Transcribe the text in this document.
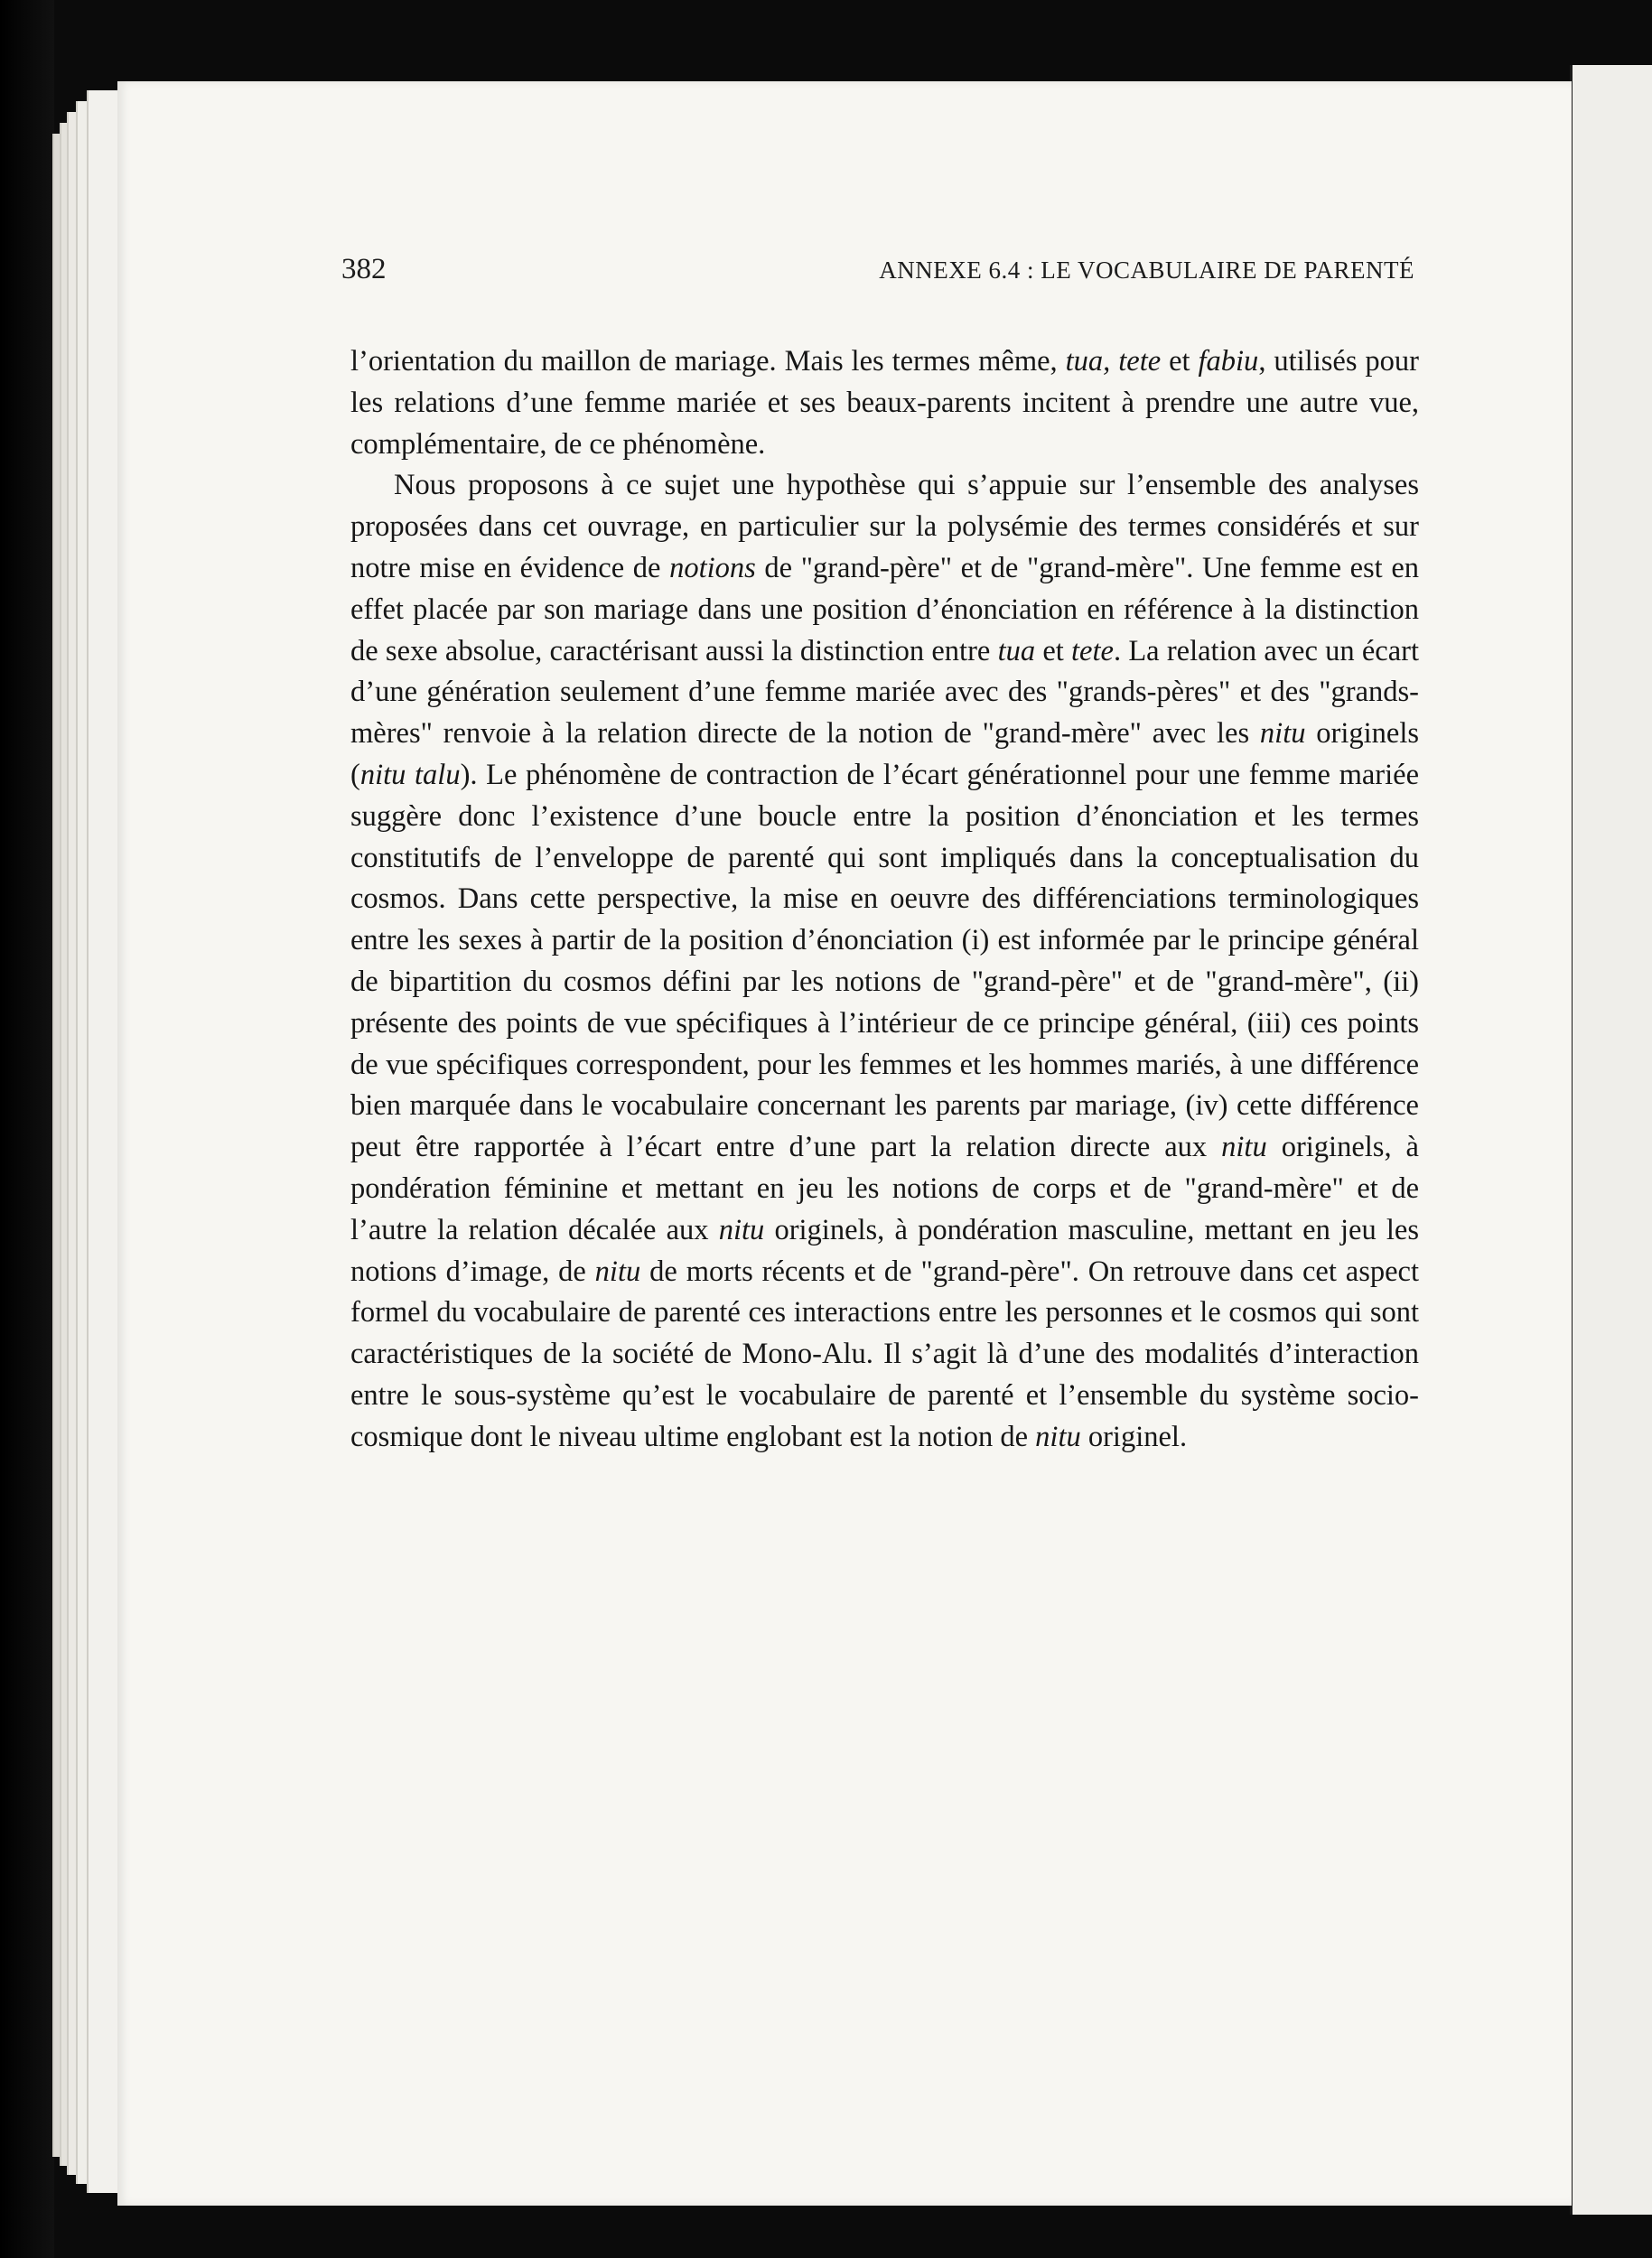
382	ANNEXE 6.4 : LE VOCABULAIRE DE PARENTÉ

l’orientation du maillon de mariage. Mais les termes même, tua, tete et fabiu, utilisés pour les relations d’une femme mariée et ses beaux-parents incitent à prendre une autre vue, complémentaire, de ce phénomène.

Nous proposons à ce sujet une hypothèse qui s’appuie sur l’ensemble des analyses proposées dans cet ouvrage, en particulier sur la polysémie des termes considérés et sur notre mise en évidence de notions de "grand-père" et de "grand-mère". Une femme est en effet placée par son mariage dans une position d’énonciation en référence à la distinction de sexe absolue, caractérisant aussi la distinction entre tua et tete. La relation avec un écart d’une génération seulement d’une femme mariée avec des "grands-pères" et des "grands-mères" renvoie à la relation directe de la notion de "grand-mère" avec les nitu originels (nitu talu). Le phénomène de contraction de l’écart générationnel pour une femme mariée suggère donc l’existence d’une boucle entre la position d’énonciation et les termes constitutifs de l’enveloppe de parenté qui sont impliqués dans la conceptualisation du cosmos. Dans cette perspective, la mise en oeuvre des différenciations terminologiques entre les sexes à partir de la position d’énonciation (i) est informée par le principe général de bipartition du cosmos défini par les notions de "grand-père" et de "grand-mère", (ii) présente des points de vue spécifiques à l’intérieur de ce principe général, (iii) ces points de vue spécifiques correspondent, pour les femmes et les hommes mariés, à une différence bien marquée dans le vocabulaire concernant les parents par mariage, (iv) cette différence peut être rapportée à l’écart entre d’une part la relation directe aux nitu originels, à pondération féminine et mettant en jeu les notions de corps et de "grand-mère" et de l’autre la relation décalée aux nitu originels, à pondération masculine, mettant en jeu les notions d’image, de nitu de morts récents et de "grand-père". On retrouve dans cet aspect formel du vocabulaire de parenté ces interactions entre les personnes et le cosmos qui sont caractéristiques de la société de Mono-Alu. Il s’agit là d’une des modalités d’interaction entre le sous-système qu’est le vocabulaire de parenté et l’ensemble du système socio-cosmique dont le niveau ultime englobant est la notion de nitu originel.
